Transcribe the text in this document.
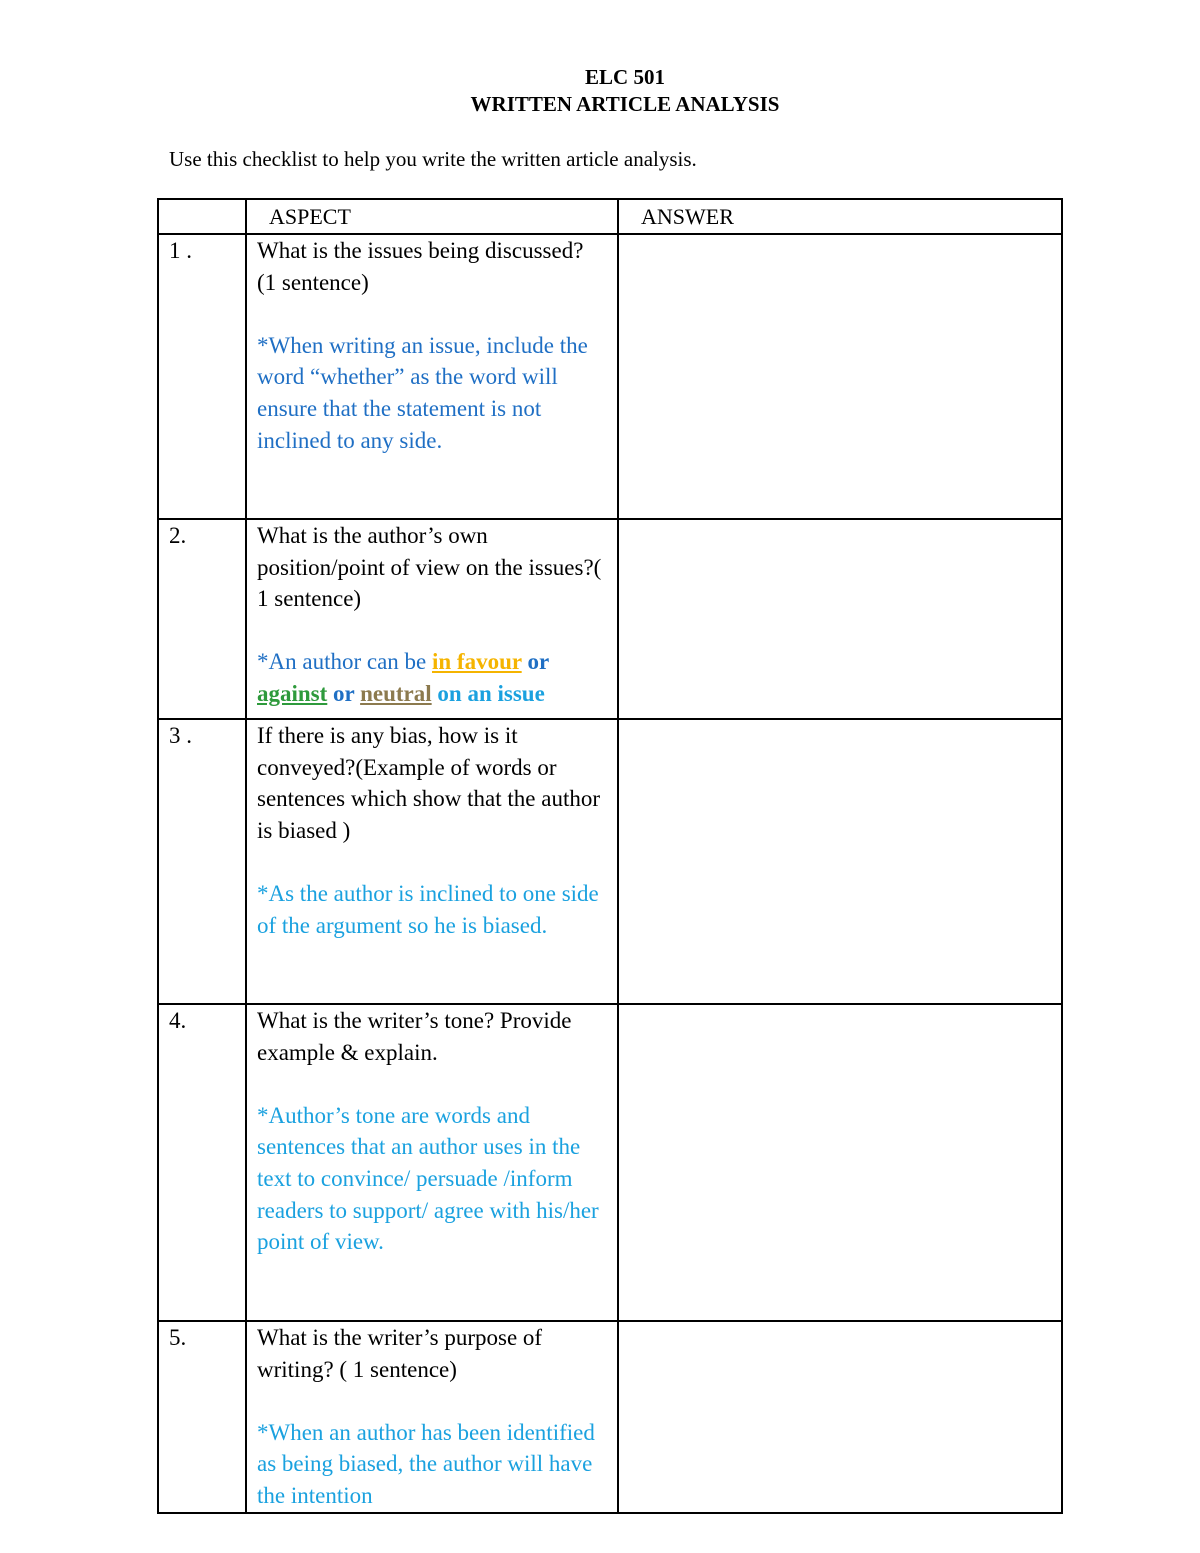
ELC 501
WRITTEN ARTICLE ANALYSIS
Use this checklist to help you write the written article analysis.
	ASPECT	ANSWER
1 .	What is the issues being discussed? (1 sentence)
*When writing an issue, include the word “whether” as the word will ensure that the statement is not inclined to any side.	

2.	What is the author’s own position/point of view on the issues?( 1 sentence)
*An author can be in favour or against or neutral on an issue	

3 .	If there is any bias, how is it conveyed?(Example of words or sentences which show that the author is biased )
*As the author is inclined to one side of the argument so he is biased.	

4.	What is the writer’s tone? Provide example & explain.
*Author’s tone are words and sentences that an author uses in the text to convince/ persuade /inform readers to support/ agree with his/her point of view.	

5.	What is the writer’s purpose of writing? ( 1 sentence)
*When an author has been identified as being biased, the author will have the intention	
